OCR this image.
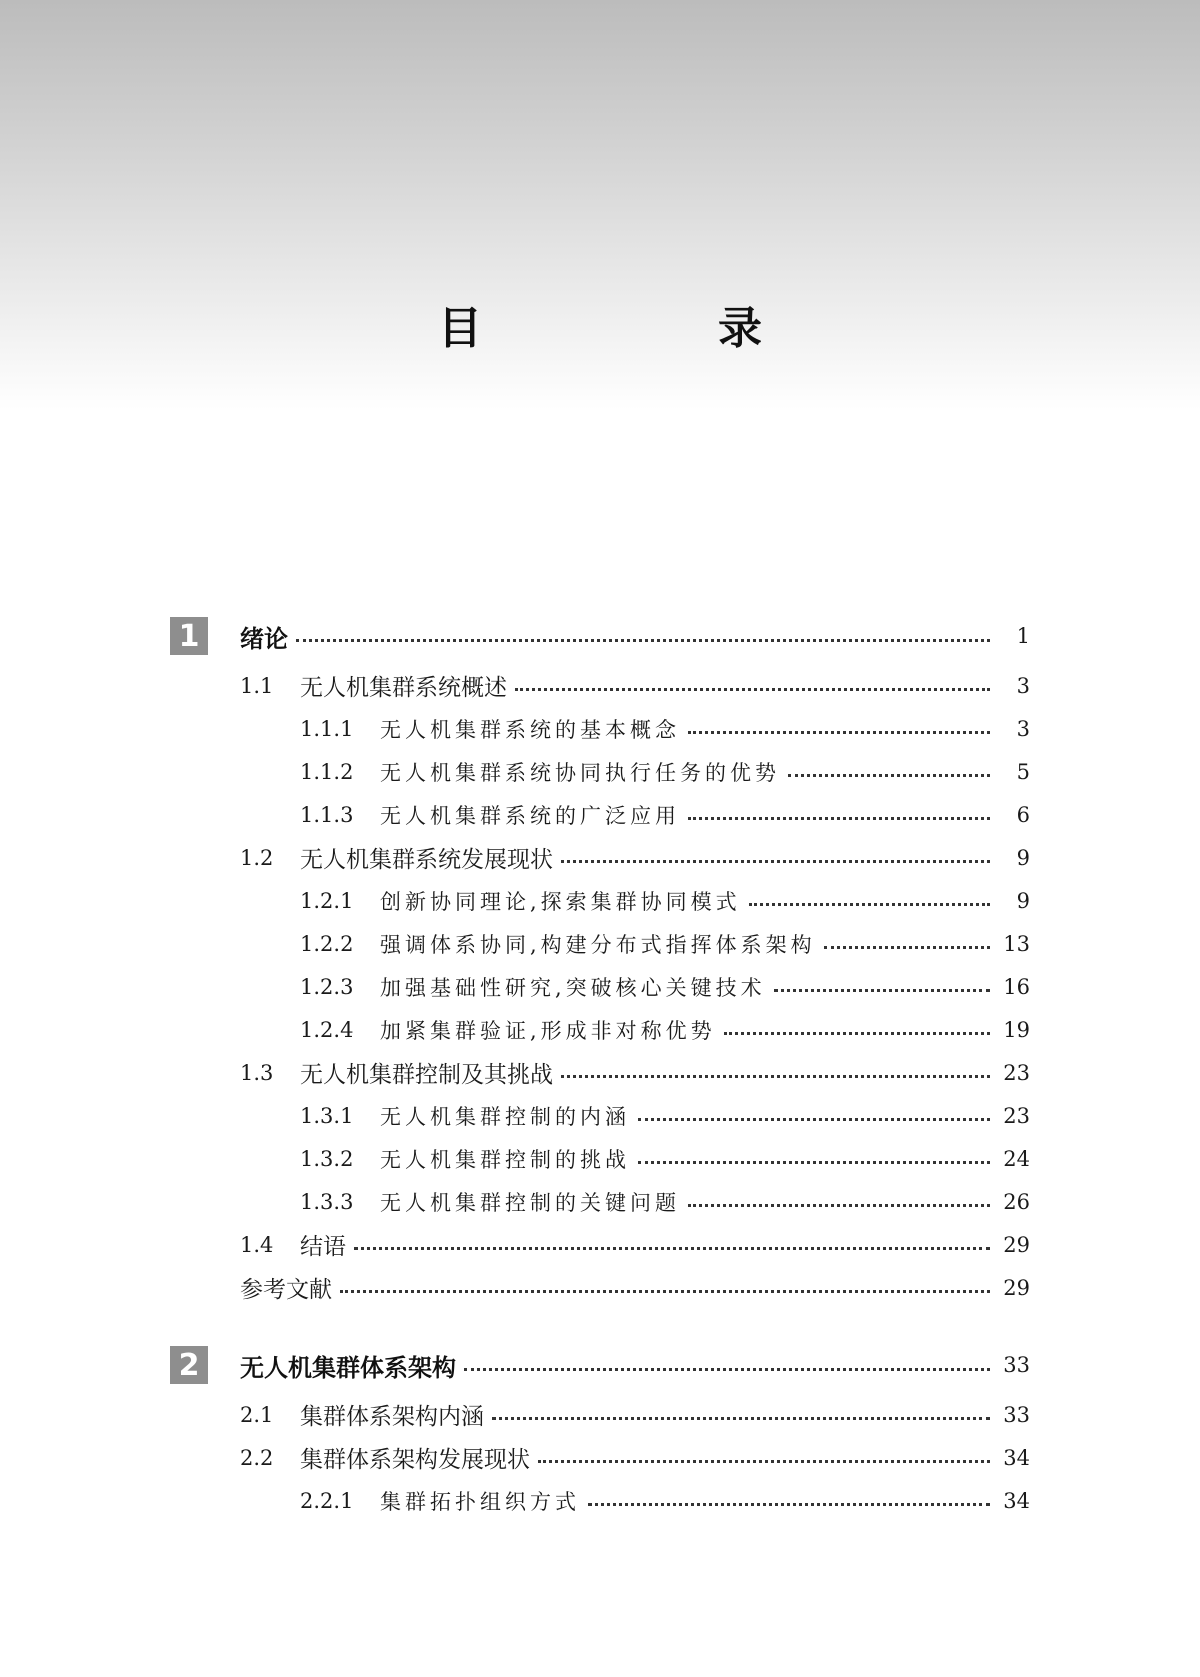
目　录
1	绪论	1
1.1	无人机集群系统概述	3
1.1.1	无人机集群系统的基本概念	3
1.1.2	无人机集群系统协同执行任务的优势	5
1.1.3	无人机集群系统的广泛应用	6
1.2	无人机集群系统发展现状	9
1.2.1	创新协同理论,探索集群协同模式	9
1.2.2	强调体系协同,构建分布式指挥体系架构	13
1.2.3	加强基础性研究,突破核心关键技术	16
1.2.4	加紧集群验证,形成非对称优势	19
1.3	无人机集群控制及其挑战	23
1.3.1	无人机集群控制的内涵	23
1.3.2	无人机集群控制的挑战	24
1.3.3	无人机集群控制的关键问题	26
1.4	结语	29
参考文献	29
2	无人机集群体系架构	33
2.1	集群体系架构内涵	33
2.2	集群体系架构发展现状	34
2.2.1	集群拓扑组织方式	34
